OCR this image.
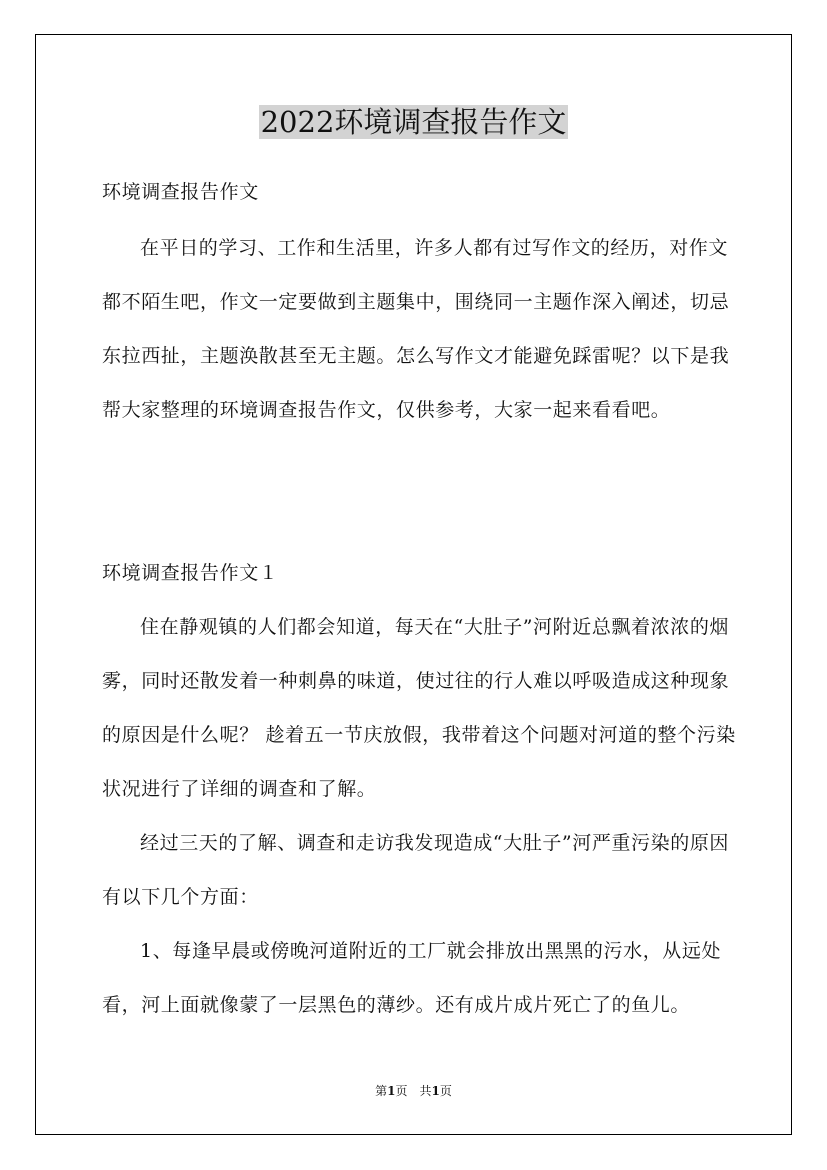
2022环境调查报告作文

环境调查报告作文

在平日的学习、工作和生活里，许多人都有过写作文的经历，对作文都不陌生吧，作文一定要做到主题集中，围绕同一主题作深入阐述，切忌东拉西扯，主题涣散甚至无主题。怎么写作文才能避免踩雷呢？以下是我帮大家整理的环境调查报告作文，仅供参考，大家一起来看看吧。

环境调查报告作文１

住在静观镇的人们都会知道，每天在“大肚子”河附近总飘着浓浓的烟雾，同时还散发着一种刺鼻的味道，使过往的行人难以呼吸造成这种现象的原因是什么呢？ 趁着五一节庆放假，我带着这个问题对河道的整个污染状况进行了详细的调查和了解。

经过三天的了解、调查和走访我发现造成“大肚子”河严重污染的原因有以下几个方面：

1、每逢早晨或傍晚河道附近的工厂就会排放出黑黑的污水，从远处看，河上面就像蒙了一层黑色的薄纱。还有成片成片死亡了的鱼儿。

第1页　共1页
